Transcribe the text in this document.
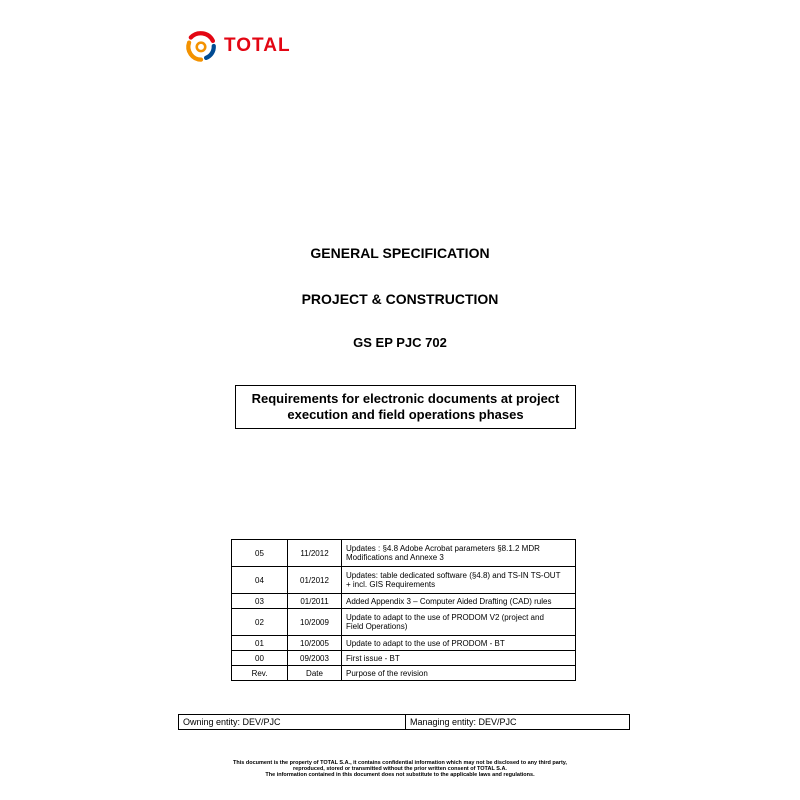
TOTAL
GENERAL SPECIFICATION
PROJECT & CONSTRUCTION
GS EP PJC 702
Requirements for electronic documents at project
execution and field operations phases
05	11/2012	Updates : §4.8 Adobe Acrobat parameters §8.1.2 MDR
Modifications and Annexe 3

04	01/2012	Updates: table dedicated software (§4.8) and TS-IN TS-OUT
+ incl. GIS Requirements

03	01/2011	Added Appendix 3 – Computer Aided Drafting (CAD) rules

02	10/2009	Update to adapt to the use of PRODOM V2 (project and
Field Operations)

01	10/2005	Update to adapt to the use of PRODOM - BT

00	09/2003	First issue - BT

Rev.	Date	Purpose of the revision
Owning entity: DEV/PJC	Managing entity: DEV/PJC
This document is the property of TOTAL S.A., it contains confidential information which may not be disclosed to any third party,
reproduced, stored or transmitted without the prior written consent of TOTAL S.A.
The information contained in this document does not substitute to the applicable laws and regulations.
